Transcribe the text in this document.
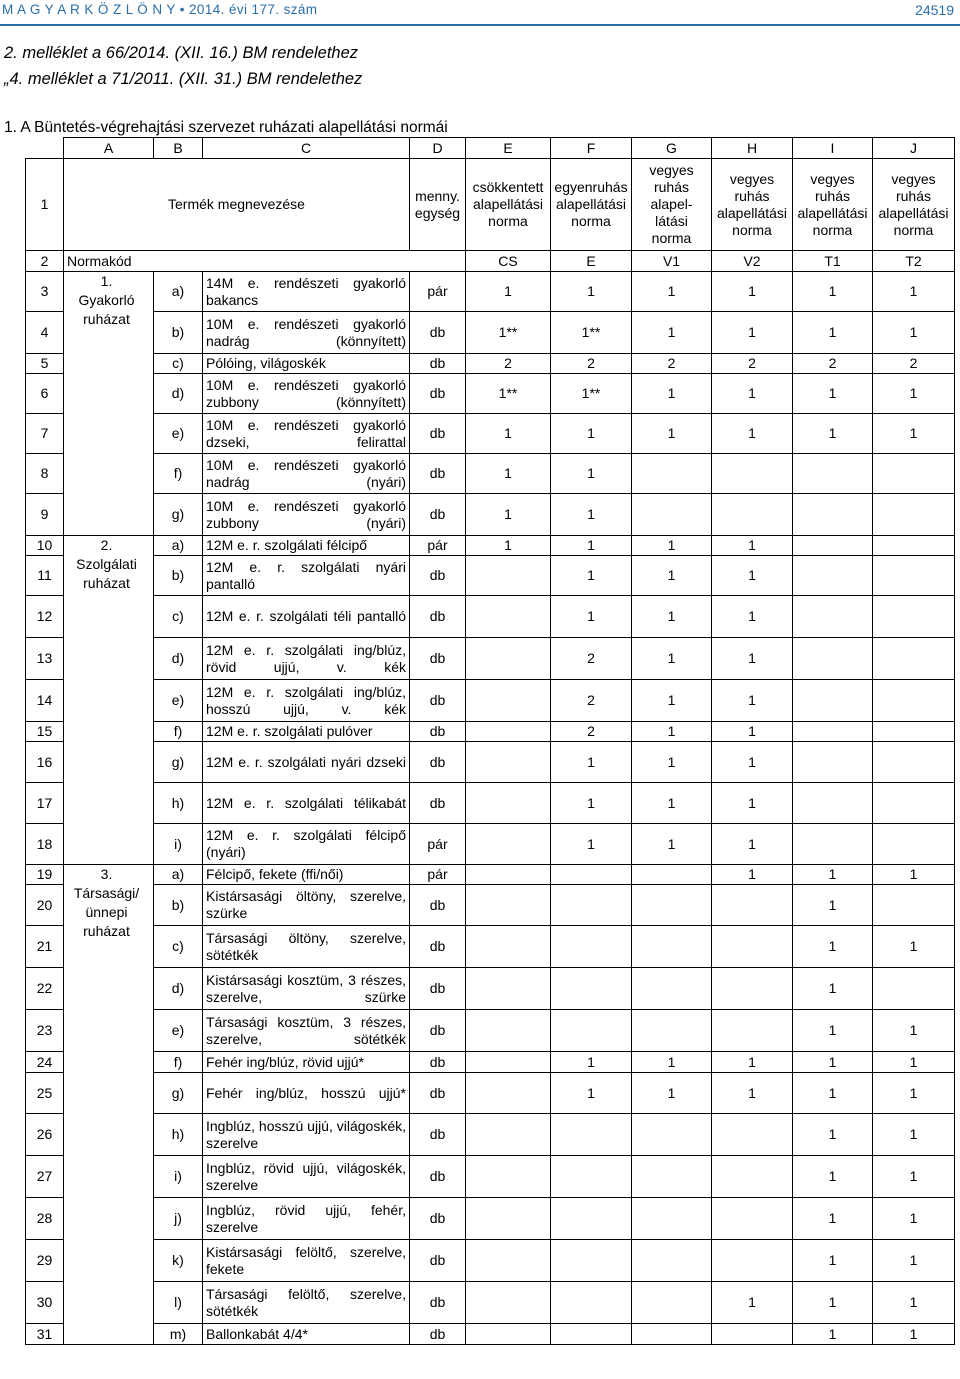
M A G Y A R K Ö Z L Ö N Y • 2014. évi 177. szám	24519
2. melléklet a 66/2014. (XII. 16.) BM rendelethez
„4. melléklet a 71/2011. (XII. 31.) BM rendelethez
1. A Büntetés-végrehajtási szervezet ruházati alapellátási normái
	A	B	C	D	E	F	G	H	I	J
1	Termék megnevezése			menny. egység	csökkentett alapellátási norma	egyenruhás alapellátási norma	vegyes ruhás alapel- látási norma	vegyes ruhás alapellátási norma	vegyes ruhás alapellátási norma	vegyes ruhás alapellátási norma
2	Normakód				CS	E	V1	V2	T1	T2
3	1. Gyakorló ruházat	a)	14M e. rendészeti gyakorló bakancs	pár	1	1	1	1	1	1
4		b)	10M e. rendészeti gyakorló nadrág (könnyített)	db	1**	1**	1	1	1	1
5		c)	Pólóing, világoskék	db	2	2	2	2	2	2
6		d)	10M e. rendészeti gyakorló zubbony (könnyített)	db	1**	1**	1	1	1	1
7		e)	10M e. rendészeti gyakorló dzseki, felirattal	db	1	1	1	1	1	1
8		f)	10M e. rendészeti gyakorló nadrág (nyári)	db	1	1				
9		g)	10M e. rendészeti gyakorló zubbony (nyári)	db	1	1				
10	2. Szolgálati ruházat	a)	12M e. r. szolgálati félcipő	pár	1	1	1	1		
11		b)	12M e. r. szolgálati nyári pantalló	db		1	1	1		
12		c)	12M e. r. szolgálati téli pantalló	db		1	1	1		
13		d)	12M e. r. szolgálati ing/blúz, rövid ujjú, v. kék	db		2	1	1		
14		e)	12M e. r. szolgálati ing/blúz, hosszú ujjú, v. kék	db		2	1	1		
15		f)	12M e. r. szolgálati pulóver	db		2	1	1		
16		g)	12M e. r. szolgálati nyári dzseki	db		1	1	1		
17		h)	12M e. r. szolgálati télikabát	db		1	1	1		
18		i)	12M e. r. szolgálati félcipő (nyári)	pár		1	1	1		
19	3. Társasági/ ünnepi ruházat	a)	Félcipő, fekete (ffi/női)	pár				1	1	1
20		b)	Kistársasági öltöny, szerelve, szürke	db					1	
21		c)	Társasági öltöny, szerelve, sötétkék	db					1	1
22		d)	Kistársasági kosztüm, 3 részes, szerelve, szürke	db					1	
23		e)	Társasági kosztüm, 3 részes, szerelve, sötétkék	db					1	1
24		f)	Fehér ing/blúz, rövid ujjú*	db		1	1	1	1	1
25		g)	Fehér ing/blúz, hosszú ujjú*	db		1	1	1	1	1
26		h)	Ingblúz, hosszú ujjú, világoskék, szerelve	db					1	1
27		i)	Ingblúz, rövid ujjú, világoskék, szerelve	db					1	1
28		j)	Ingblúz, rövid ujjú, fehér, szerelve	db					1	1
29		k)	Kistársasági felöltő, szerelve, fekete	db					1	1
30		l)	Társasági felöltő, szerelve, sötétkék	db				1	1	1
31		m)	Ballonkabát 4/4*	db					1	1
